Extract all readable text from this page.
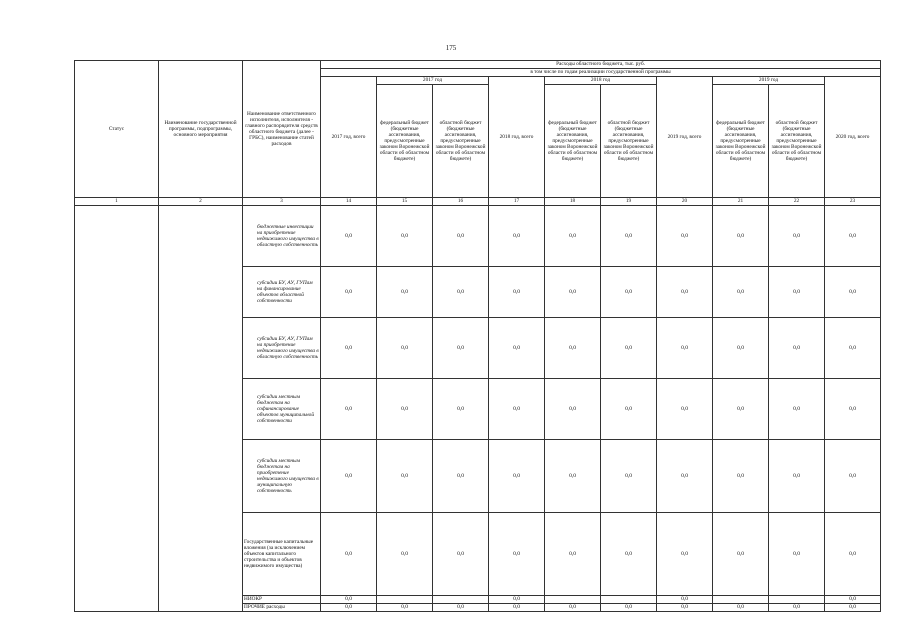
175
Статус	Наименование государственной программы, подпрограммы, основного мероприятия	Наименование ответственного исполнителя, исполнителя - главного распорядителя средств областного бюджета (далее - ГРБС), наименование статей расходов	Расходы областного бюджета, тыс. руб.									
			в том числе по годам реализации государственной программы									
			2017 год, всего	2017 год		2018 год, всего	2018 год		2019 год, всего	2019 год		2020 год, всего
				федеральный бюджет (бюджетные ассигнования, предусмотренные законом Воронежской области об областном бюджете)	областной бюджет (бюджетные ассигнования, предусмотренные законом Воронежской области об областном бюджете)		федеральный бюджет (бюджетные ассигнования, предусмотренные законом Воронежской области об областном бюджете)	областной бюджет (бюджетные ассигнования, предусмотренные законом Воронежской области об областном бюджете)		федеральный бюджет (бюджетные ассигнования, предусмотренные законом Воронежской области об областном бюджете)	областной бюджет (бюджетные ассигнования, предусмотренные законом Воронежской области об областном бюджете)	
1	2	3	14	15	16	17	18	19	20	21	22	23
		бюджетные инвестиции на приобретение недвижимого имущества в областную собственность	0,0	0,0	0,0	0,0	0,0	0,0	0,0	0,0	0,0	0,0
		субсидии БУ, АУ, ГУПам на финансирование объектов областной собственности	0,0	0,0	0,0	0,0	0,0	0,0	0,0	0,0	0,0	0,0
		субсидии БУ, АУ, ГУПам на приобретение недвижимого имущества в областную собственность	0,0	0,0	0,0	0,0	0,0	0,0	0,0	0,0	0,0	0,0
		субсидии местным бюджетам на софинансирование объектов муниципальной собственности	0,0	0,0	0,0	0,0	0,0	0,0	0,0	0,0	0,0	0,0
		субсидии местным бюджетам на приобретение недвижимого имущества в муниципальную собственность	0,0	0,0	0,0	0,0	0,0	0,0	0,0	0,0	0,0	0,0
		Государственные капитальные вложения (за исключением объектов капитального строительства и объектов недвижимого имущества)	0,0	0,0	0,0	0,0	0,0	0,0	0,0	0,0	0,0	0,0
		НИОКР	0,0			0,0			0,0			0,0
		ПРОЧИЕ расходы	0,0	0,0	0,0	0,0	0,0	0,0	0,0	0,0	0,0	0,0
